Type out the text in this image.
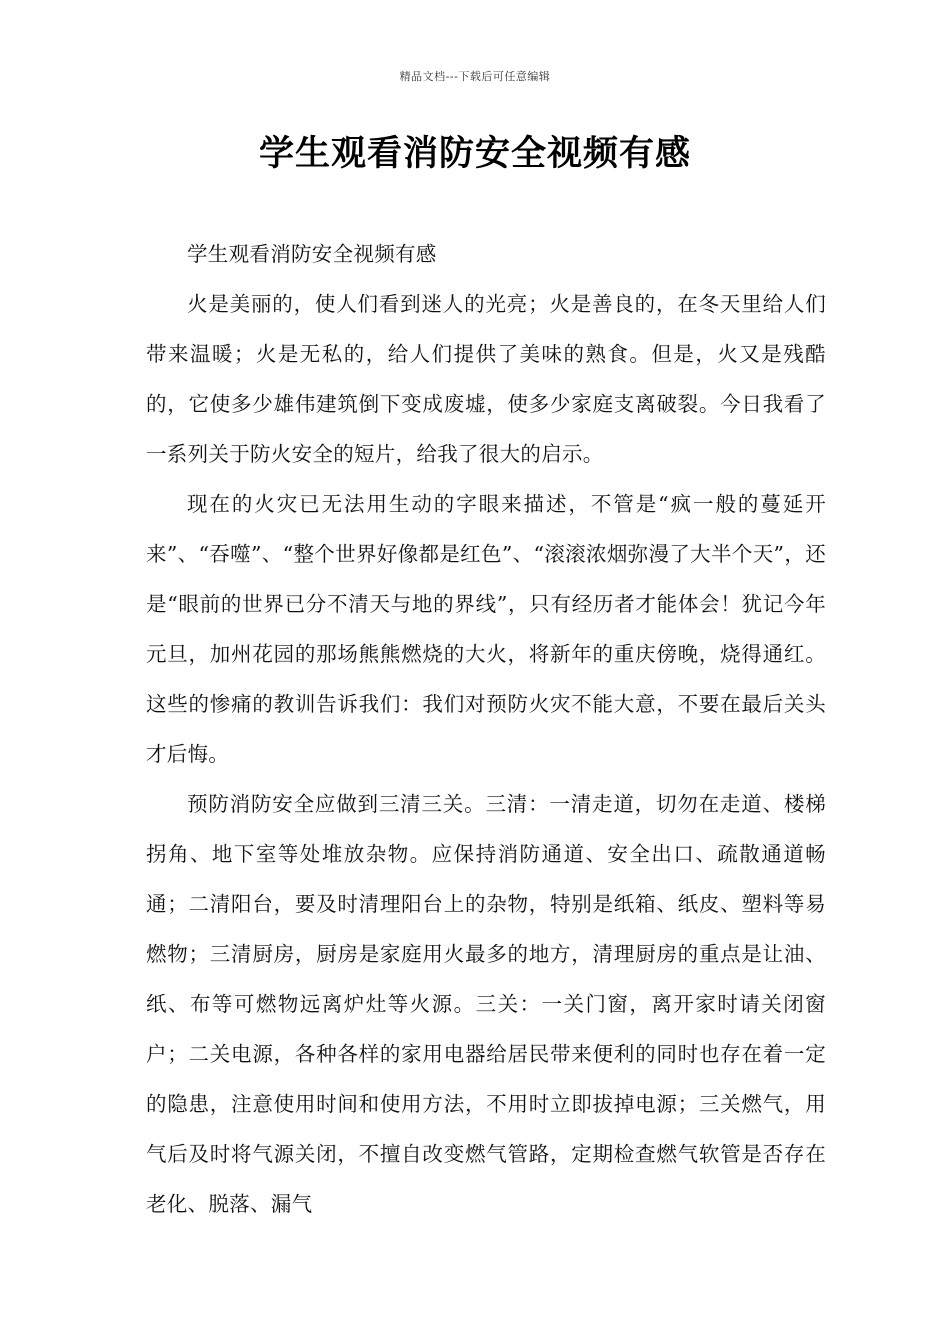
精品文档---下载后可任意编辑
学生观看消防安全视频有感

学生观看消防安全视频有感

火是美丽的，使人们看到迷人的光亮；火是善良的，在冬天里给人们带来温暖；火是无私的，给人们提供了美味的熟食。但是，火又是残酷的，它使多少雄伟建筑倒下变成废墟，使多少家庭支离破裂。今日我看了一系列关于防火安全的短片，给我了很大的启示。

现在的火灾已无法用生动的字眼来描述，不管是“疯一般的蔓延开来”、“吞噬”、“整个世界好像都是红色”、“滚滚浓烟弥漫了大半个天”，还是“眼前的世界已分不清天与地的界线”，只有经历者才能体会！犹记今年元旦，加州花园的那场熊熊燃烧的大火，将新年的重庆傍晚，烧得通红。这些的惨痛的教训告诉我们：我们对预防火灾不能大意，不要在最后关头才后悔。

预防消防安全应做到三清三关。三清：一清走道，切勿在走道、楼梯拐角、地下室等处堆放杂物。应保持消防通道、安全出口、疏散通道畅通；二清阳台，要及时清理阳台上的杂物，特别是纸箱、纸皮、塑料等易燃物；三清厨房，厨房是家庭用火最多的地方，清理厨房的重点是让油、纸、布等可燃物远离炉灶等火源。三关：一关门窗，离开家时请关闭窗户；二关电源，各种各样的家用电器给居民带来便利的同时也存在着一定的隐患，注意使用时间和使用方法，不用时立即拔掉电源；三关燃气，用气后及时将气源关闭，不擅自改变燃气管路，定期检查燃气软管是否存在老化、脱落、漏气
